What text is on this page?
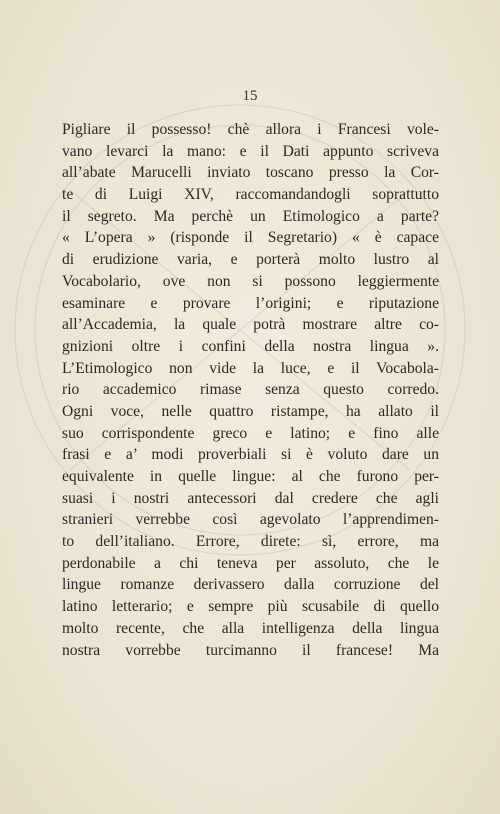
15
Pigliare il possesso! chè allora i Francesi vole-
vano levarci la mano: e il Dati appunto scriveva
all’abate Marucelli inviato toscano presso la Cor-
te di Luigi XIV, raccomandandogli soprattutto
il segreto. Ma perchè un Etimologico a parte?
« L’opera » (risponde il Segretario) « è capace
di erudizione varia, e porterà molto lustro al
Vocabolario, ove non si possono leggiermente
esaminare e provare l’origini; e riputazione
all’Accademia, la quale potrà mostrare altre co-
gnizioni oltre i confini della nostra lingua ».
L’Etimologico non vide la luce, e il Vocabola-
rio accademico rimase senza questo corredo.
Ogni voce, nelle quattro ristampe, ha allato il
suo corrispondente greco e latino; e fino alle
frasi e a’ modi proverbiali si è voluto dare un
equivalente in quelle lingue: al che furono per-
suasi i nostri antecessori dal credere che agli
stranieri verrebbe così agevolato l’apprendimen-
to dell’italiano. Errore, direte: sì, errore, ma
perdonabile a chi teneva per assoluto, che le
lingue romanze derivassero dalla corruzione del
latino letterario; e sempre più scusabile di quello
molto recente, che alla intelligenza della lingua
nostra vorrebbe turcimanno il francese! Ma
